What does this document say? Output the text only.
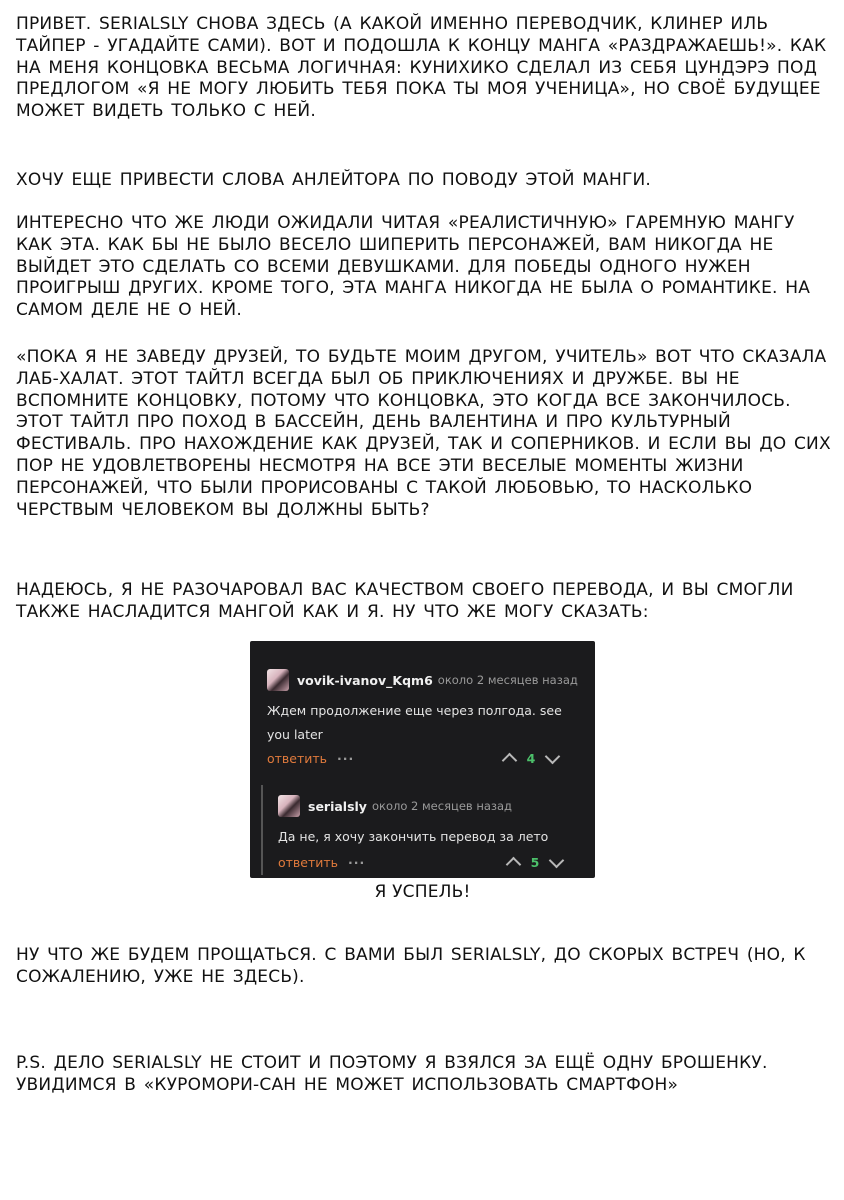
ПРИВЕТ. SERIALSLY СНОВА ЗДЕСЬ (А КАКОЙ ИМЕННО ПЕРЕВОДЧИК, КЛИНЕР ИЛЬ ТАЙПЕР - УГАДАЙТЕ САМИ). ВОТ И ПОДОШЛА К КОНЦУ МАНГА «РАЗДРАЖАЕШЬ!». КАК НА МЕНЯ КОНЦОВКА ВЕСЬМА ЛОГИЧНАЯ: КУНИХИКО СДЕЛАЛ ИЗ СЕБЯ ЦУНДЭРЭ ПОД ПРЕДЛОГОМ «Я НЕ МОГУ ЛЮБИТЬ ТЕБЯ ПОКА ТЫ МОЯ УЧЕНИЦА», НО СВОЁ БУДУЩЕЕ МОЖЕТ ВИДЕТЬ ТОЛЬКО С НЕЙ.

ХОЧУ ЕЩЕ ПРИВЕСТИ СЛОВА АНЛЕЙТОРА ПО ПОВОДУ ЭТОЙ МАНГИ.

ИНТЕРЕСНО ЧТО ЖЕ ЛЮДИ ОЖИДАЛИ ЧИТАЯ «РЕАЛИСТИЧНУЮ» ГАРЕМНУЮ МАНГУ КАК ЭТА. КАК БЫ НЕ БЫЛО ВЕСЕЛО ШИПЕРИТЬ ПЕРСОНАЖЕЙ, ВАМ НИКОГДА НЕ ВЫЙДЕТ ЭТО СДЕЛАТЬ СО ВСЕМИ ДЕВУШКАМИ. ДЛЯ ПОБЕДЫ ОДНОГО НУЖЕН ПРОИГРЫШ ДРУГИХ. КРОМЕ ТОГО, ЭТА МАНГА НИКОГДА НЕ БЫЛА О РОМАНТИКЕ. НА САМОМ ДЕЛЕ НЕ О НЕЙ.

«ПОКА Я НЕ ЗАВЕДУ ДРУЗЕЙ, ТО БУДЬТЕ МОИМ ДРУГОМ, УЧИТЕЛЬ» ВОТ ЧТО СКАЗАЛА ЛАБ-ХАЛАТ. ЭТОТ ТАЙТЛ ВСЕГДА БЫЛ ОБ ПРИКЛЮЧЕНИЯХ И ДРУЖБЕ. ВЫ НЕ ВСПОМНИТЕ КОНЦОВКУ, ПОТОМУ ЧТО КОНЦОВКА, ЭТО КОГДА ВСЕ ЗАКОНЧИЛОСЬ. ЭТОТ ТАЙТЛ ПРО ПОХОД В БАССЕЙН, ДЕНЬ ВАЛЕНТИНА И ПРО КУЛЬТУРНЫЙ ФЕСТИВАЛЬ. ПРО НАХОЖДЕНИЕ КАК ДРУЗЕЙ, ТАК И СОПЕРНИКОВ. И ЕСЛИ ВЫ ДО СИХ ПОР НЕ УДОВЛЕТВОРЕНЫ НЕСМОТРЯ НА ВСЕ ЭТИ ВЕСЕЛЫЕ МОМЕНТЫ ЖИЗНИ ПЕРСОНАЖЕЙ, ЧТО БЫЛИ ПРОРИСОВАНЫ С ТАКОЙ ЛЮБОВЬЮ, ТО НАСКОЛЬКО ЧЕРСТВЫМ ЧЕЛОВЕКОМ ВЫ ДОЛЖНЫ БЫТЬ?

НАДЕЮСЬ, Я НЕ РАЗОЧАРОВАЛ ВАС КАЧЕСТВОМ СВОЕГО ПЕРЕВОДА, И ВЫ СМОГЛИ ТАКЖЕ НАСЛАДИТСЯ МАНГОЙ КАК И Я. НУ ЧТО ЖЕ МОГУ СКАЗАТЬ:

vovik-ivanov_Kqm6 около 2 месяцев назад
Ждем продолжение еще через полгода. see you later
ответить ···	4
serialsly около 2 месяцев назад
Да не, я хочу закончить перевод за лето
ответить ···	5
Я УСПЕЛЬ!

НУ ЧТО ЖЕ БУДЕМ ПРОЩАТЬСЯ. С ВАМИ БЫЛ SERIALSLY, ДО СКОРЫХ ВСТРЕЧ (НО, К СОЖАЛЕНИЮ, УЖЕ НЕ ЗДЕСЬ).

P.S. ДЕЛО SERIALSLY НЕ СТОИТ И ПОЭТОМУ Я ВЗЯЛСЯ ЗА ЕЩЁ ОДНУ БРОШЕНКУ. УВИДИМСЯ В «КУРОМОРИ-САН НЕ МОЖЕТ ИСПОЛЬЗОВАТЬ СМАРТФОН»
